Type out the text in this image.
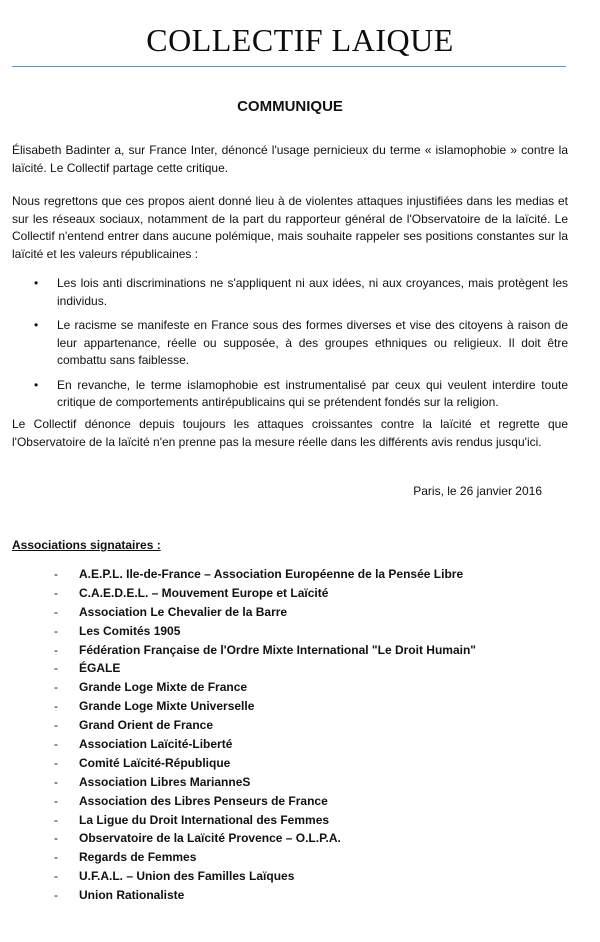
COLLECTIF LAIQUE
COMMUNIQUE

Élisabeth Badinter a, sur France Inter, dénoncé l'usage pernicieux du terme « islamophobie » contre la laïcité. Le Collectif partage cette critique.

Nous regrettons que ces propos aient donné lieu à de violentes attaques injustifiées dans les medias et sur les réseaux sociaux, notamment de la part du rapporteur général de l'Observatoire de la laïcité. Le Collectif n'entend entrer dans aucune polémique, mais souhaite rappeler ses positions constantes sur la laïcité et les valeurs républicaines :

• Les lois anti discriminations ne s'appliquent ni aux idées, ni aux croyances, mais protègent les individus.
• Le racisme se manifeste en France sous des formes diverses et vise des citoyens à raison de leur appartenance, réelle ou supposée, à des groupes ethniques ou religieux. Il doit être combattu sans faiblesse.
• En revanche, le terme islamophobie est instrumentalisé par ceux qui veulent interdire toute critique de comportements antirépublicains qui se prétendent fondés sur la religion.

Le Collectif dénonce depuis toujours les attaques croissantes contre la laïcité et regrette que l'Observatoire de la laïcité n'en prenne pas la mesure réelle dans les différents avis rendus jusqu'ici.

Paris, le 26 janvier 2016
Associations signataires :
- A.E.P.L. Ile-de-France – Association Européenne de la Pensée Libre
- C.A.E.D.E.L. – Mouvement Europe et Laïcité
- Association Le Chevalier de la Barre
- Les Comités 1905
- Fédération Française de l'Ordre Mixte International "Le Droit Humain"
- ÉGALE
- Grande Loge Mixte de France
- Grande Loge Mixte Universelle
- Grand Orient de France
- Association Laïcité-Liberté
- Comité Laïcité-République
- Association Libres MarianneS
- Association des Libres Penseurs de France
- La Ligue du Droit International des Femmes
- Observatoire de la Laïcité Provence – O.L.P.A.
- Regards de Femmes
- U.F.A.L. – Union des Familles Laïques
- Union Rationaliste
